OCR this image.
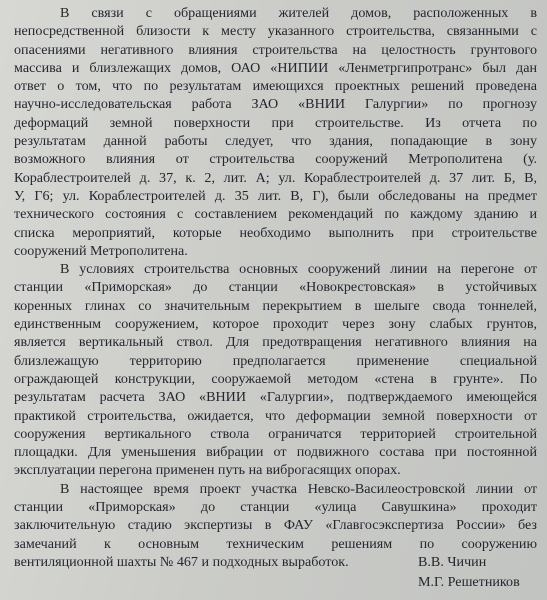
В связи с обращениями жителей домов, расположенных в
непосредственной близости к месту указанного строительства, связанными с
опасениями негативного влияния строительства на целостность грунтового
массива и близлежащих домов, ОАО «НИПИИ «Ленметргипротранс» был дан
ответ о том, что по результатам имеющихся проектных решений проведена
научно-исследовательская работа ЗАО «ВНИИ Галургии» по прогнозу
деформаций земной поверхности при строительстве. Из отчета по
результатам данной работы следует, что здания, попадающие в зону
возможного влияния от строительства сооружений Метрополитена (у.
Кораблестроителей д. 37, к. 2, лит. А; ул. Кораблестроителей д. 37 лит. Б, В,
У, Г6; ул. Кораблестроителей д. 35 лит. В, Г), были обследованы на предмет
технического состояния с составлением рекомендаций по каждому зданию и
списка мероприятий, которые необходимо выполнить при строительстве
сооружений Метрополитена.
В условиях строительства основных сооружений линии на перегоне от
станции «Приморская» до станции «Новокрестовская» в устойчивых
коренных глинах со значительным перекрытием в шелыге свода тоннелей,
единственным сооружением, которое проходит через зону слабых грунтов,
является вертикальный ствол. Для предотвращения негативного влияния на
близлежащую территорию предполагается применение специальной
ограждающей конструкции, сооружаемой методом «стена в грунте». По
результатам расчета ЗАО «ВНИИ «Галургии», подтверждаемого имеющейся
практикой строительства, ожидается, что деформации земной поверхности от
сооружения вертикального ствола ограничатся территорией строительной
площадки. Для уменьшения вибрации от подвижного состава при постоянной
эксплуатации перегона применен путь на виброгасящих опорах.
В настоящее время проект участка Невско-Василеостровской линии от
станции «Приморская» до станции «улица Савушкина» проходит
заключительную стадию экспертизы в ФАУ «Главгосэкспертиза России» без
замечаний к основным техническим решениям по сооружению
вентиляционной шахты № 467 и подходных выработок.	В.В. Чичин
М.Г. Решетников
